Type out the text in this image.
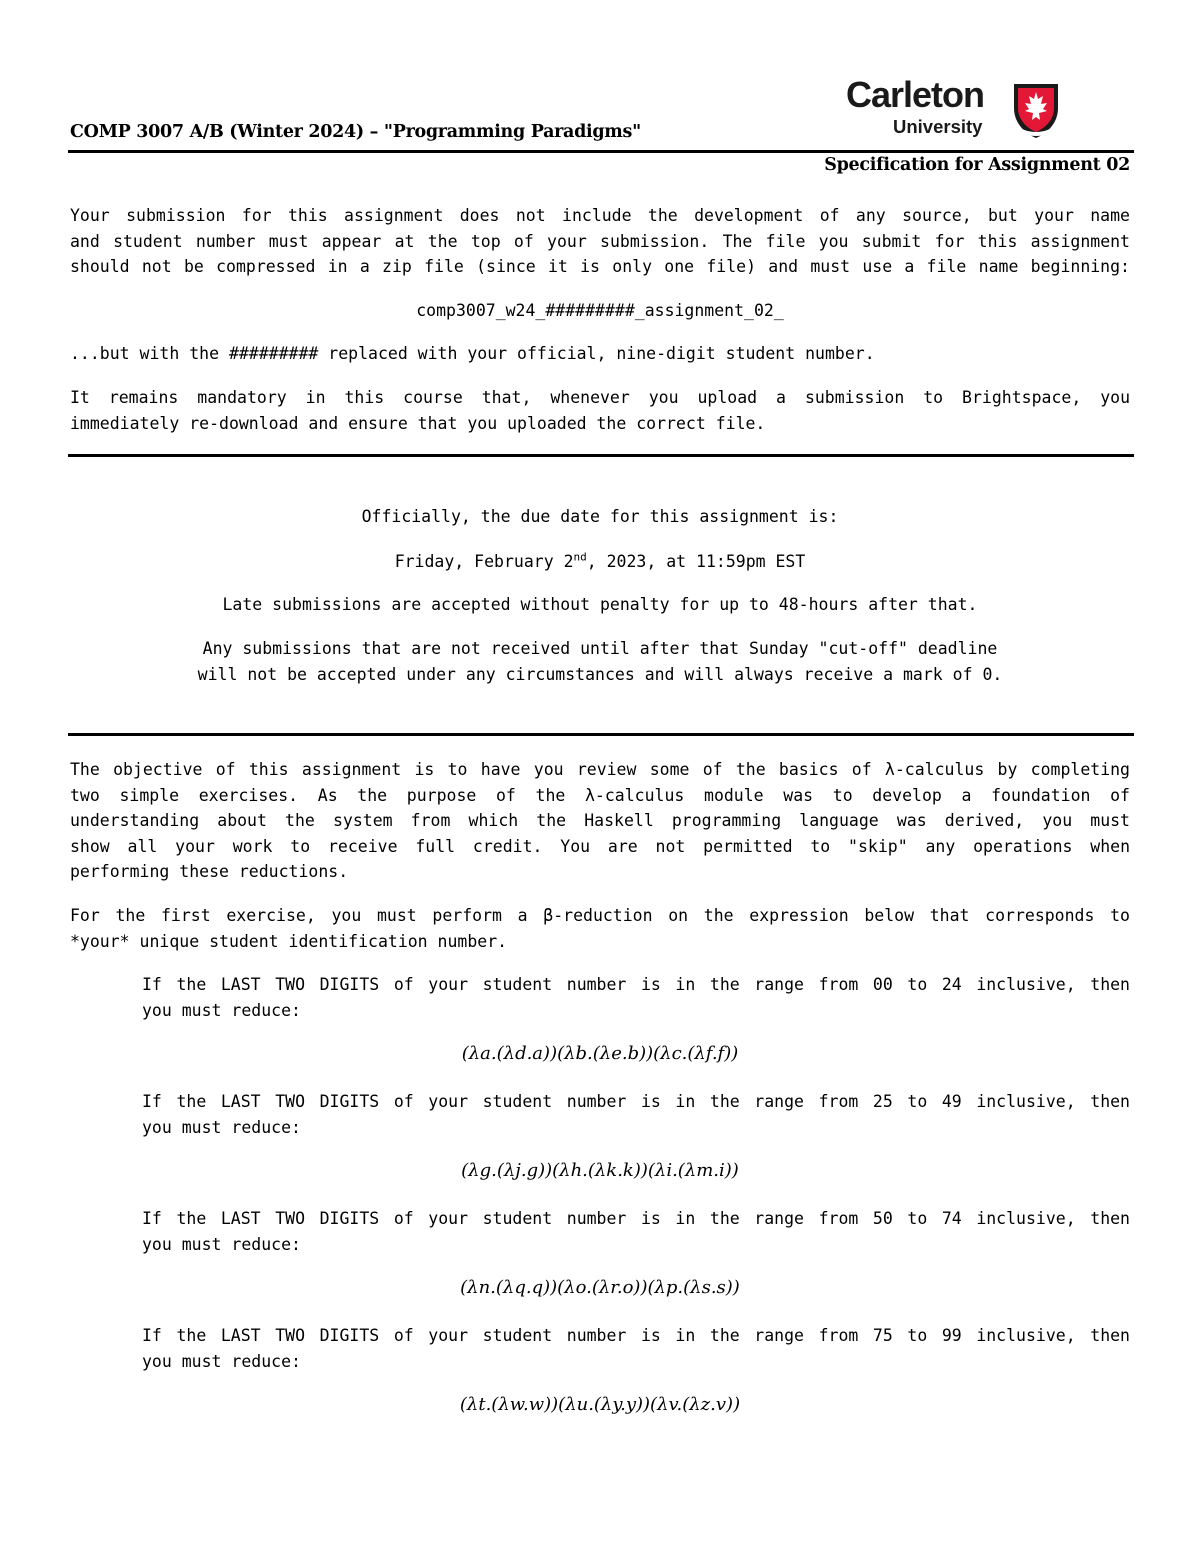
COMP 3007 A/B (Winter 2024) – "Programming Paradigms"
Carleton
University
Specification for Assignment 02
Your submission for this assignment does not include the development of any source, but your name
and student number must appear at the top of your submission. The file you submit for this assignment
should not be compressed in a zip file (since it is only one file) and must use a file name beginning:
comp3007_w24_#########_assignment_02_
...but with the ######### replaced with your official, nine-digit student number.
It remains mandatory in this course that, whenever you upload a submission to Brightspace, you
immediately re-download and ensure that you uploaded the correct file.
Officially, the due date for this assignment is:
Friday, February 2nd, 2023, at 11:59pm EST
Late submissions are accepted without penalty for up to 48-hours after that.
Any submissions that are not received until after that Sunday "cut-off" deadline
will not be accepted under any circumstances and will always receive a mark of 0.
The objective of this assignment is to have you review some of the basics of λ-calculus by completing
two simple exercises. As the purpose of the λ-calculus module was to develop a foundation of
understanding about the system from which the Haskell programming language was derived, you must
show all your work to receive full credit. You are not permitted to "skip" any operations when
performing these reductions.
For the first exercise, you must perform a β-reduction on the expression below that corresponds to
*your* unique student identification number.
If the LAST TWO DIGITS of your student number is in the range from 00 to 24 inclusive, then
you must reduce:
(λa.(λd.a))(λb.(λe.b))(λc.(λf.f))
If the LAST TWO DIGITS of your student number is in the range from 25 to 49 inclusive, then
you must reduce:
(λg.(λj.g))(λh.(λk.k))(λi.(λm.i))
If the LAST TWO DIGITS of your student number is in the range from 50 to 74 inclusive, then
you must reduce:
(λn.(λq.q))(λo.(λr.o))(λp.(λs.s))
If the LAST TWO DIGITS of your student number is in the range from 75 to 99 inclusive, then
you must reduce:
(λt.(λw.w))(λu.(λy.y))(λv.(λz.v))
